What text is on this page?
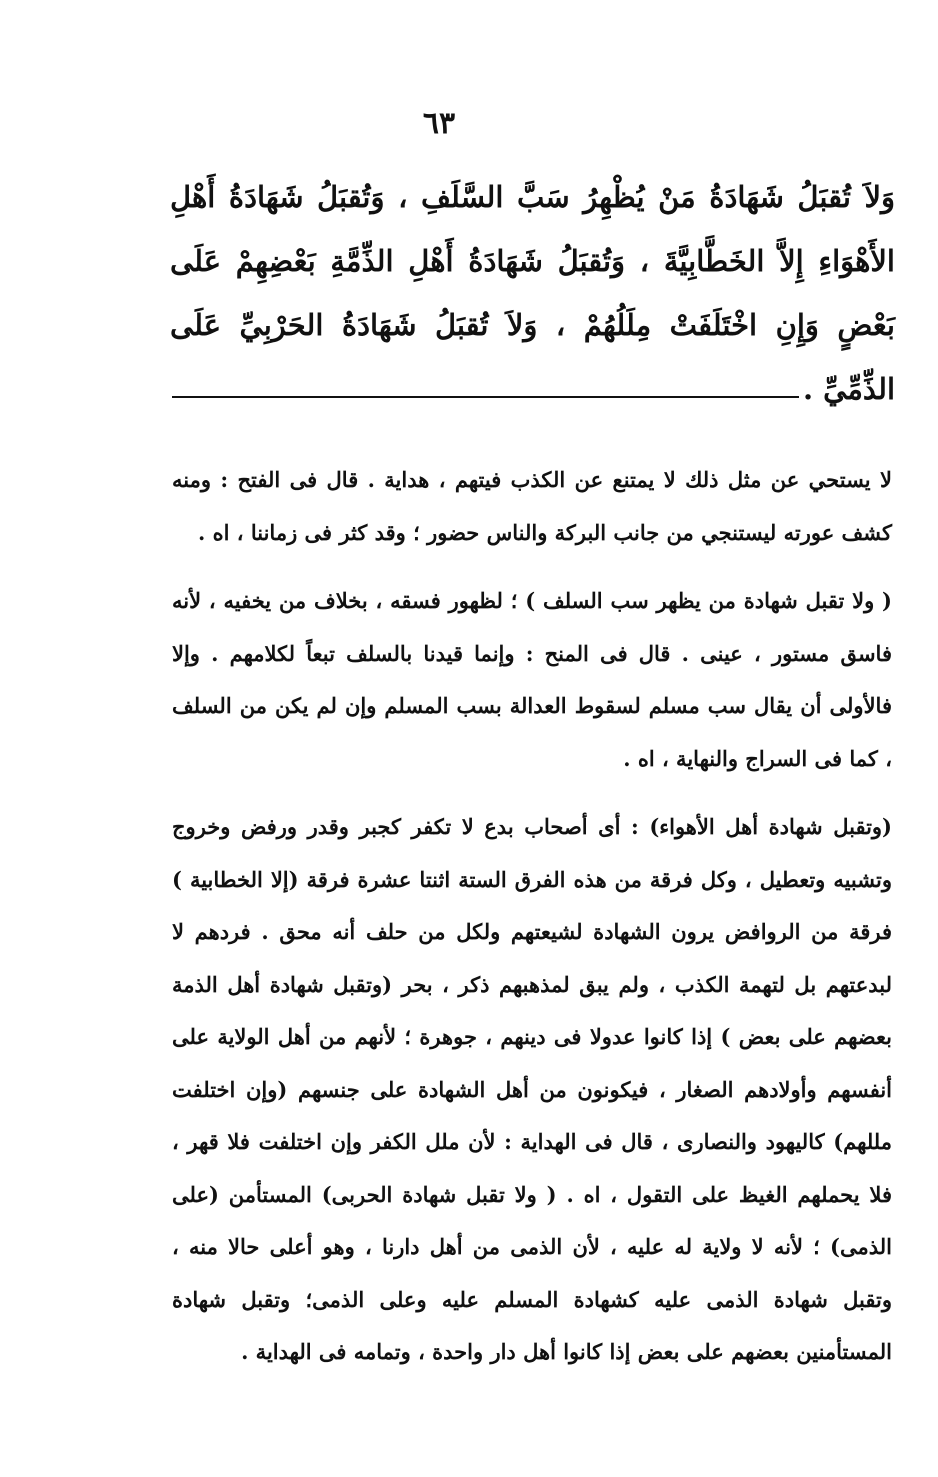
٦٣

وَلاَ تُقبَلُ شَهَادَةُ مَنْ يُظْهِرُ سَبَّ السَّلَفِ ، وَتُقبَلُ شَهَادَةُ أَهْلِ الأَهْوَاءِ إِلاَّ الخَطَّابِيَّةَ ، وَتُقبَلُ شَهَادَةُ أَهْلِ الذِّمَّةِ بَعْضِهِمْ عَلَى بَعْضٍ وَإِنِ اخْتَلَفَتْ مِلَلُهُمْ ، وَلاَ تُقبَلُ شَهَادَةُ الحَرْبِيِّ عَلَى الذِّمِّيِّ .

لا يستحي عن مثل ذلك لا يمتنع عن الكذب فيتهم ، هداية . قال فى الفتح : ومنه كشف عورته ليستنجي من جانب البركة والناس حضور ؛ وقد كثر فى زماننا ، اه .

( ولا تقبل شهادة من يظهر سب السلف ) ؛ لظهور فسقه ، بخلاف من يخفيه ، لأنه فاسق مستور ، عينى . قال فى المنح : وإنما قيدنا بالسلف تبعاً لكلامهم . وإلا فالأولى أن يقال سب مسلم لسقوط العدالة بسب المسلم وإن لم يكن من السلف ، كما فى السراج والنهاية ، اه .

(وتقبل شهادة أهل الأهواء) : أى أصحاب بدع لا تكفر كجبر وقدر ورفض وخروج وتشبيه وتعطيل ، وكل فرقة من هذه الفرق الستة اثنتا عشرة فرقة (إلا الخطابية ) فرقة من الروافض يرون الشهادة لشيعتهم ولكل من حلف أنه محق . فردهم لا لبدعتهم بل لتهمة الكذب ، ولم يبق لمذهبهم ذكر ، بحر (وتقبل شهادة أهل الذمة بعضهم على بعض ) إذا كانوا عدولا فى دينهم ، جوهرة ؛ لأنهم من أهل الولاية على أنفسهم وأولادهم الصغار ، فيكونون من أهل الشهادة على جنسهم (وإن اختلفت مللهم) كاليهود والنصارى ، قال فى الهداية : لأن ملل الكفر وإن اختلفت فلا قهر ، فلا يحملهم الغيظ على التقول ، اه . ( ولا تقبل شهادة الحربى) المستأمن (على الذمى) ؛ لأنه لا ولاية له عليه ، لأن الذمى من أهل دارنا ، وهو أعلى حالا منه ، وتقبل شهادة الذمى عليه كشهادة المسلم عليه وعلى الذمى؛ وتقبل شهادة المستأمنين بعضهم على بعض إذا كانوا أهل دار واحدة ، وتمامه فى الهداية .
